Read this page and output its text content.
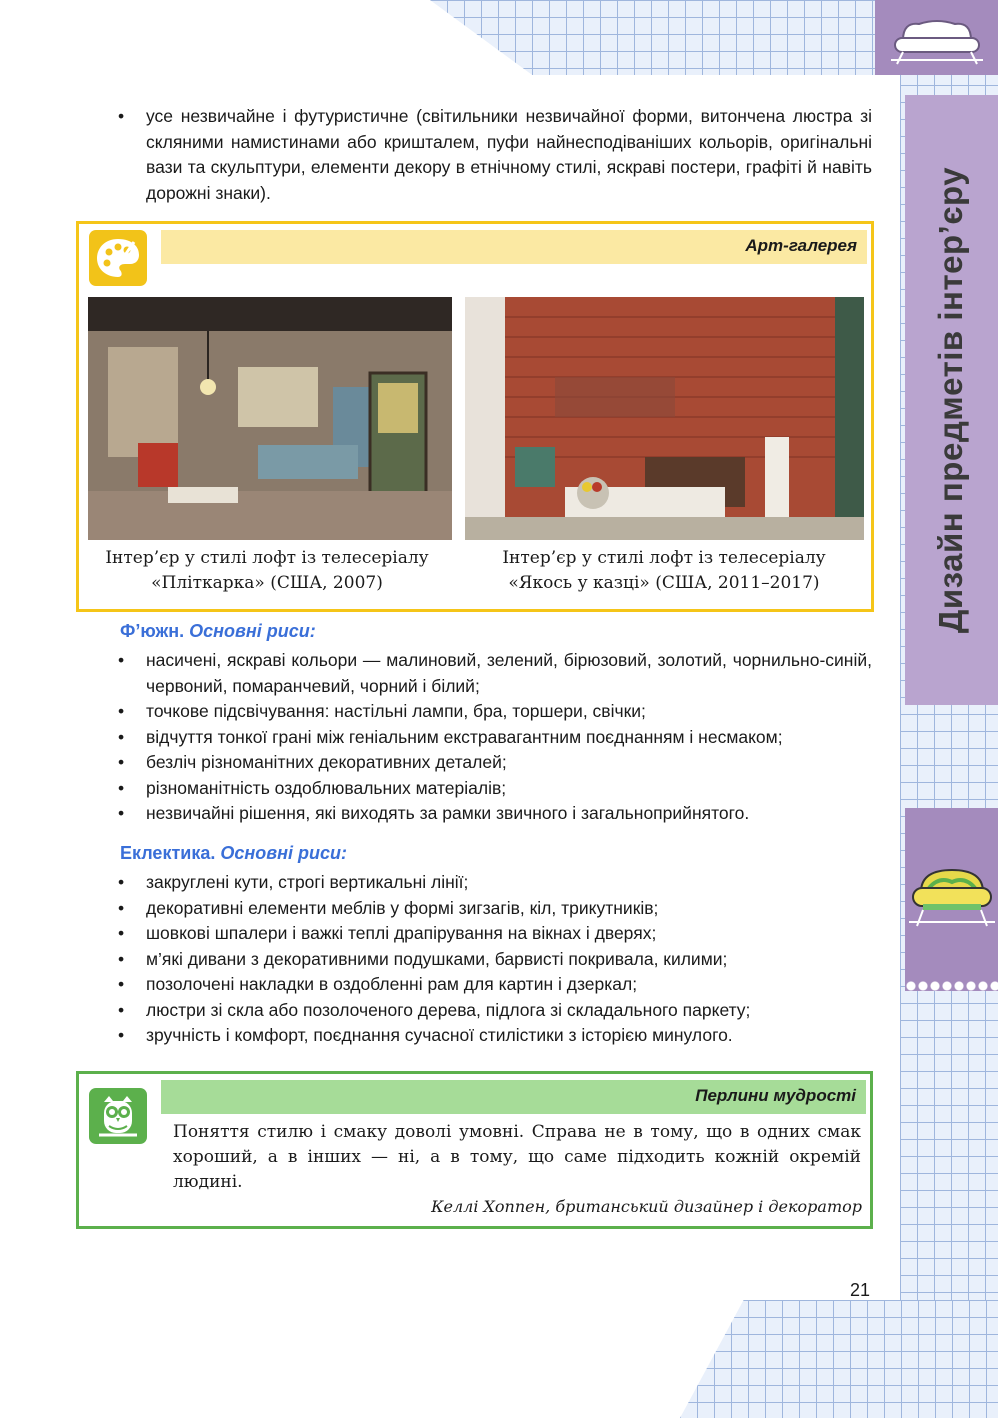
Дизайн предметів інтер’єру
• усе незвичайне і футуристичне (світильники незвичайної форми, витончена люстра зі скляними намистинами або кришталем, пуфи найнесподіваніших кольорів, оригінальні вази та скульптури, елементи декору в етнічному стилі, яскраві постери, графіті й навіть дорожні знаки).
Арт-галерея
Інтер’єр у стилі лофт із телесеріалу
«Пліткарка» (США, 2007)
Інтер’єр у стилі лофт із телесеріалу
«Якось у казці» (США, 2011–2017)
Ф’южн. Основні риси:
• насичені, яскраві кольори — малиновий, зелений, бірюзовий, золотий, чорнильно-синій, червоний, помаранчевий, чорний і білий;
• точкове підсвічування: настільні лампи, бра, торшери, свічки;
• відчуття тонкої грані між геніальним екстравагантним поєднанням і несмаком;
• безліч різноманітних декоративних деталей;
• різноманітність оздоблювальних матеріалів;
• незвичайні рішення, які виходять за рамки звичного і загальноприйнятого.
Еклектика. Основні риси:
• закруглені кути, строгі вертикальні лінії;
• декоративні елементи меблів у формі зигзагів, кіл, трикутників;
• шовкові шпалери і важкі теплі драпірування на вікнах і дверях;
• м’які дивани з декоративними подушками, барвисті покривала, килими;
• позолочені накладки в оздобленні рам для картин і дзеркал;
• люстри зі скла або позолоченого дерева, підлога зі складального паркету;
• зручність і комфорт, поєднання сучасної стилістики з історією минулого.
Перлини мудрості

Поняття стилю і смаку доволі умовні. Справа не в тому, що в одних смак хороший, а в інших — ні, а в тому, що саме підходить кожній окремій людині.

Келлі Хоппен, британський дизайнер і декоратор
21
